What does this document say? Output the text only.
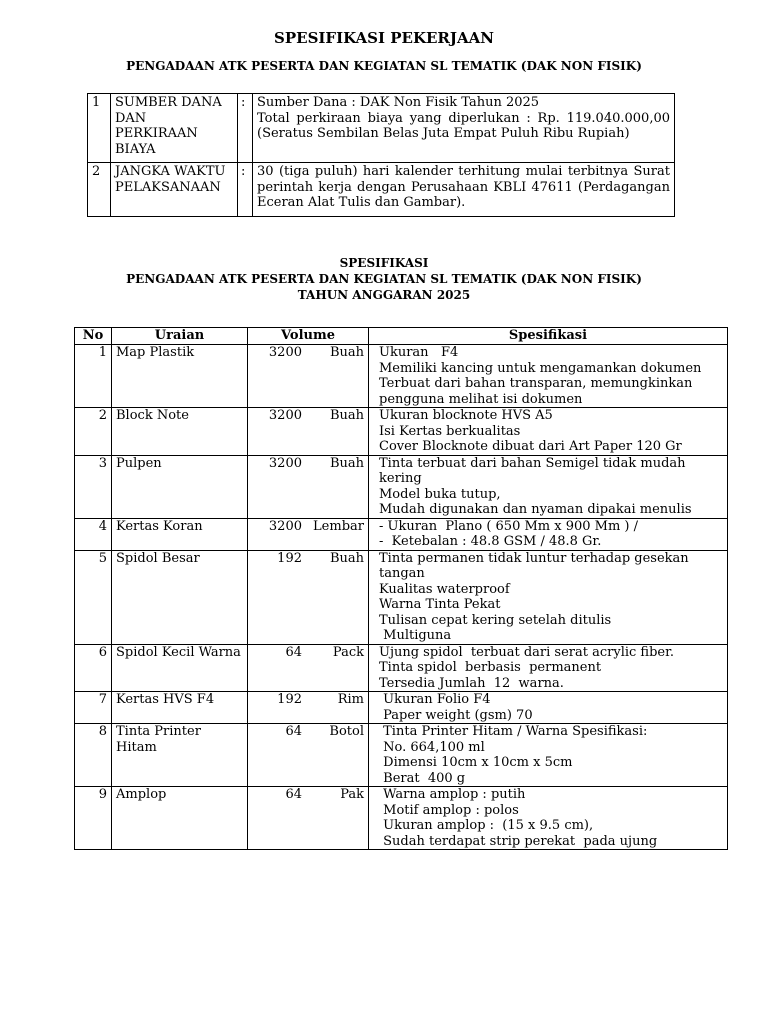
SPESIFIKASI PEKERJAAN
PENGADAAN ATK PESERTA DAN KEGIATAN SL TEMATIK (DAK NON FISIK)
1	SUMBER DANA DAN PERKIRAAN BIAYA	:	Sumber Dana : DAK Non Fisik Tahun 2025
Total perkiraan biaya yang diperlukan : Rp. 119.040.000,00 (Seratus Sembilan Belas Juta Empat Puluh Ribu Rupiah)

2	JANGKA WAKTU PELAKSANAAN	:	30 (tiga puluh) hari kalender terhitung mulai terbitnya Surat perintah kerja dengan Perusahaan KBLI 47611 (Perdagangan Eceran Alat Tulis dan Gambar).
SPESIFIKASI
PENGADAAN ATK PESERTA DAN KEGIATAN SL TEMATIK (DAK NON FISIK)
TAHUN ANGGARAN 2025
No	Uraian	Volume		Spesifikasi
1	Map Plastik	3200	Buah	Ukuran   F4
Memiliki kancing untuk mengamankan dokumen
Terbuat dari bahan transparan, memungkinkan pengguna melihat isi dokumen

2	Block Note	3200	Buah	Ukuran blocknote HVS A5
Isi Kertas berkualitas
Cover Blocknote dibuat dari Art Paper 120 Gr

3	Pulpen	3200	Buah	Tinta terbuat dari bahan Semigel tidak mudah kering
Model buka tutup,
Mudah digunakan dan nyaman dipakai menulis

4	Kertas Koran	3200	Lembar	- Ukuran  Plano ( 650 Mm x 900 Mm ) /
-  Ketebalan : 48.8 GSM / 48.8 Gr.

5	Spidol Besar	192	Buah	Tinta permanen tidak luntur terhadap gesekan tangan
Kualitas waterproof
Warna Tinta Pekat
Tulisan cepat kering setelah ditulis
Multiguna

6	Spidol Kecil Warna	64	Pack	Ujung spidol  terbuat dari serat acrylic fiber.
Tinta spidol  berbasis  permanent
Tersedia Jumlah  12  warna.

7	Kertas HVS F4	192	Rim	Ukuran Folio F4
Paper weight (gsm) 70

8	Tinta Printer Hitam	64	Botol	Tinta Printer Hitam / Warna Spesifikasi:
No. 664,100 ml
Dimensi 10cm x 10cm x 5cm
Berat  400 g

9	Amplop	64	Pak	Warna amplop : putih
Motif amplop : polos
Ukuran amplop :  (15 x 9.5 cm),
Sudah terdapat strip perekat  pada ujung
